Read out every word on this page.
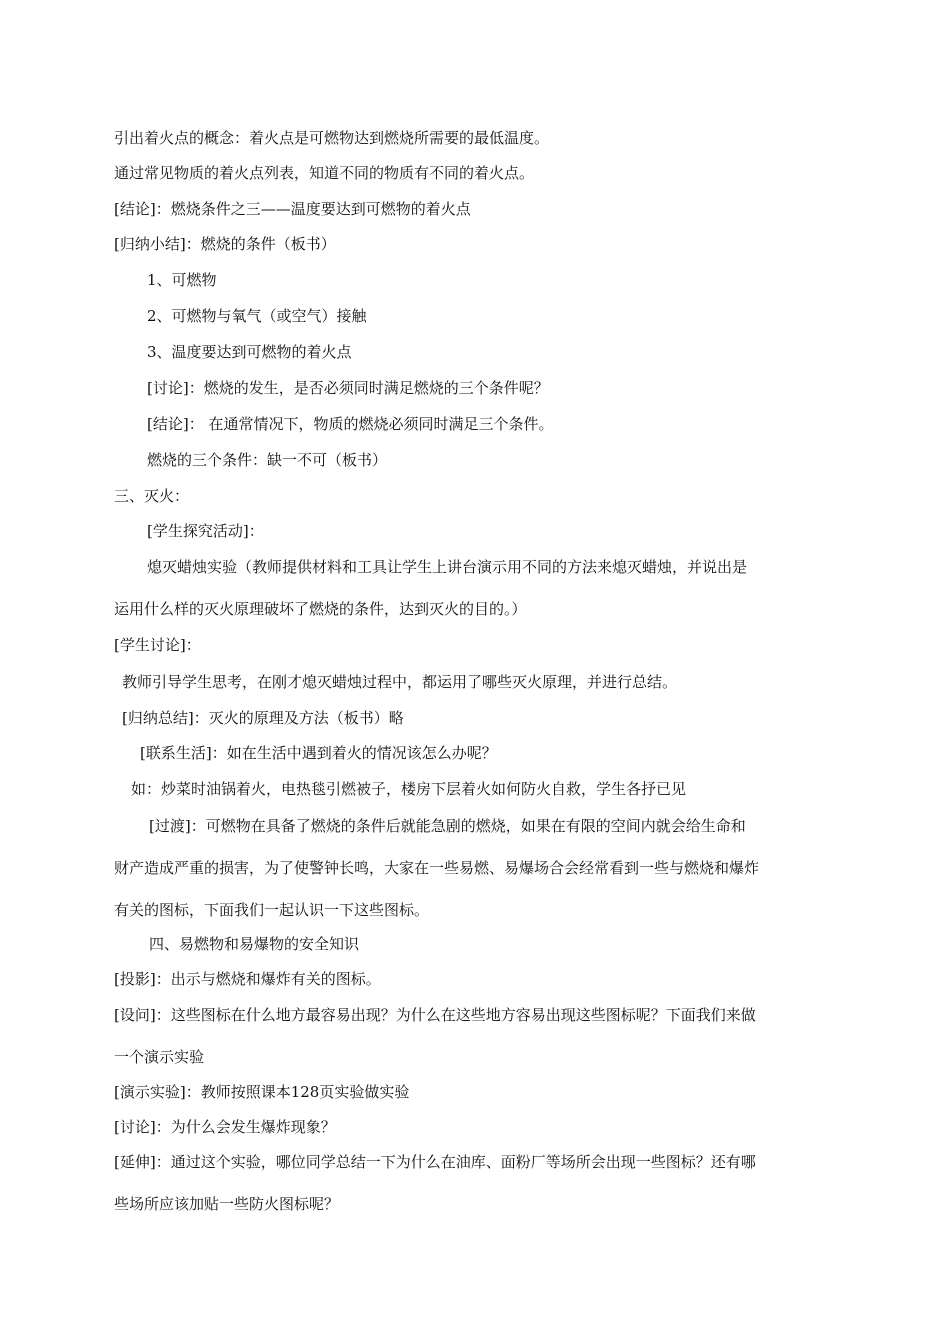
引出着火点的概念：着火点是可燃物达到燃烧所需要的最低温度。
通过常见物质的着火点列表，知道不同的物质有不同的着火点。
[结论]：燃烧条件之三——温度要达到可燃物的着火点
[归纳小结]：燃烧的条件（板书）
1、可燃物
2、可燃物与氧气（或空气）接触
3、温度要达到可燃物的着火点
[讨论]：燃烧的发生，是否必须同时满足燃烧的三个条件呢？
[结论]： 在通常情况下，物质的燃烧必须同时满足三个条件。
燃烧的三个条件：缺一不可（板书）
三、灭火：
[学生探究活动]：
熄灭蜡烛实验（教师提供材料和工具让学生上讲台演示用不同的方法来熄灭蜡烛，并说出是
运用什么样的灭火原理破坏了燃烧的条件，达到灭火的目的。）
[学生讨论]：
教师引导学生思考，在刚才熄灭蜡烛过程中，都运用了哪些灭火原理，并进行总结。
[归纳总结]：灭火的原理及方法（板书）略
[联系生活]：如在生活中遇到着火的情况该怎么办呢？
如：炒菜时油锅着火，电热毯引燃被子，楼房下层着火如何防火自救，学生各抒已见
[过渡]：可燃物在具备了燃烧的条件后就能急剧的燃烧，如果在有限的空间内就会给生命和
财产造成严重的损害，为了使警钟长鸣，大家在一些易燃、易爆场合会经常看到一些与燃烧和爆炸
有关的图标，下面我们一起认识一下这些图标。
四、易燃物和易爆物的安全知识
[投影]：出示与燃烧和爆炸有关的图标。
[设问]：这些图标在什么地方最容易出现？为什么在这些地方容易出现这些图标呢？下面我们来做
一个演示实验
[演示实验]：教师按照课本128页实验做实验
[讨论]：为什么会发生爆炸现象？
[延伸]：通过这个实验，哪位同学总结一下为什么在油库、面粉厂等场所会出现一些图标？还有哪
些场所应该加贴一些防火图标呢？
